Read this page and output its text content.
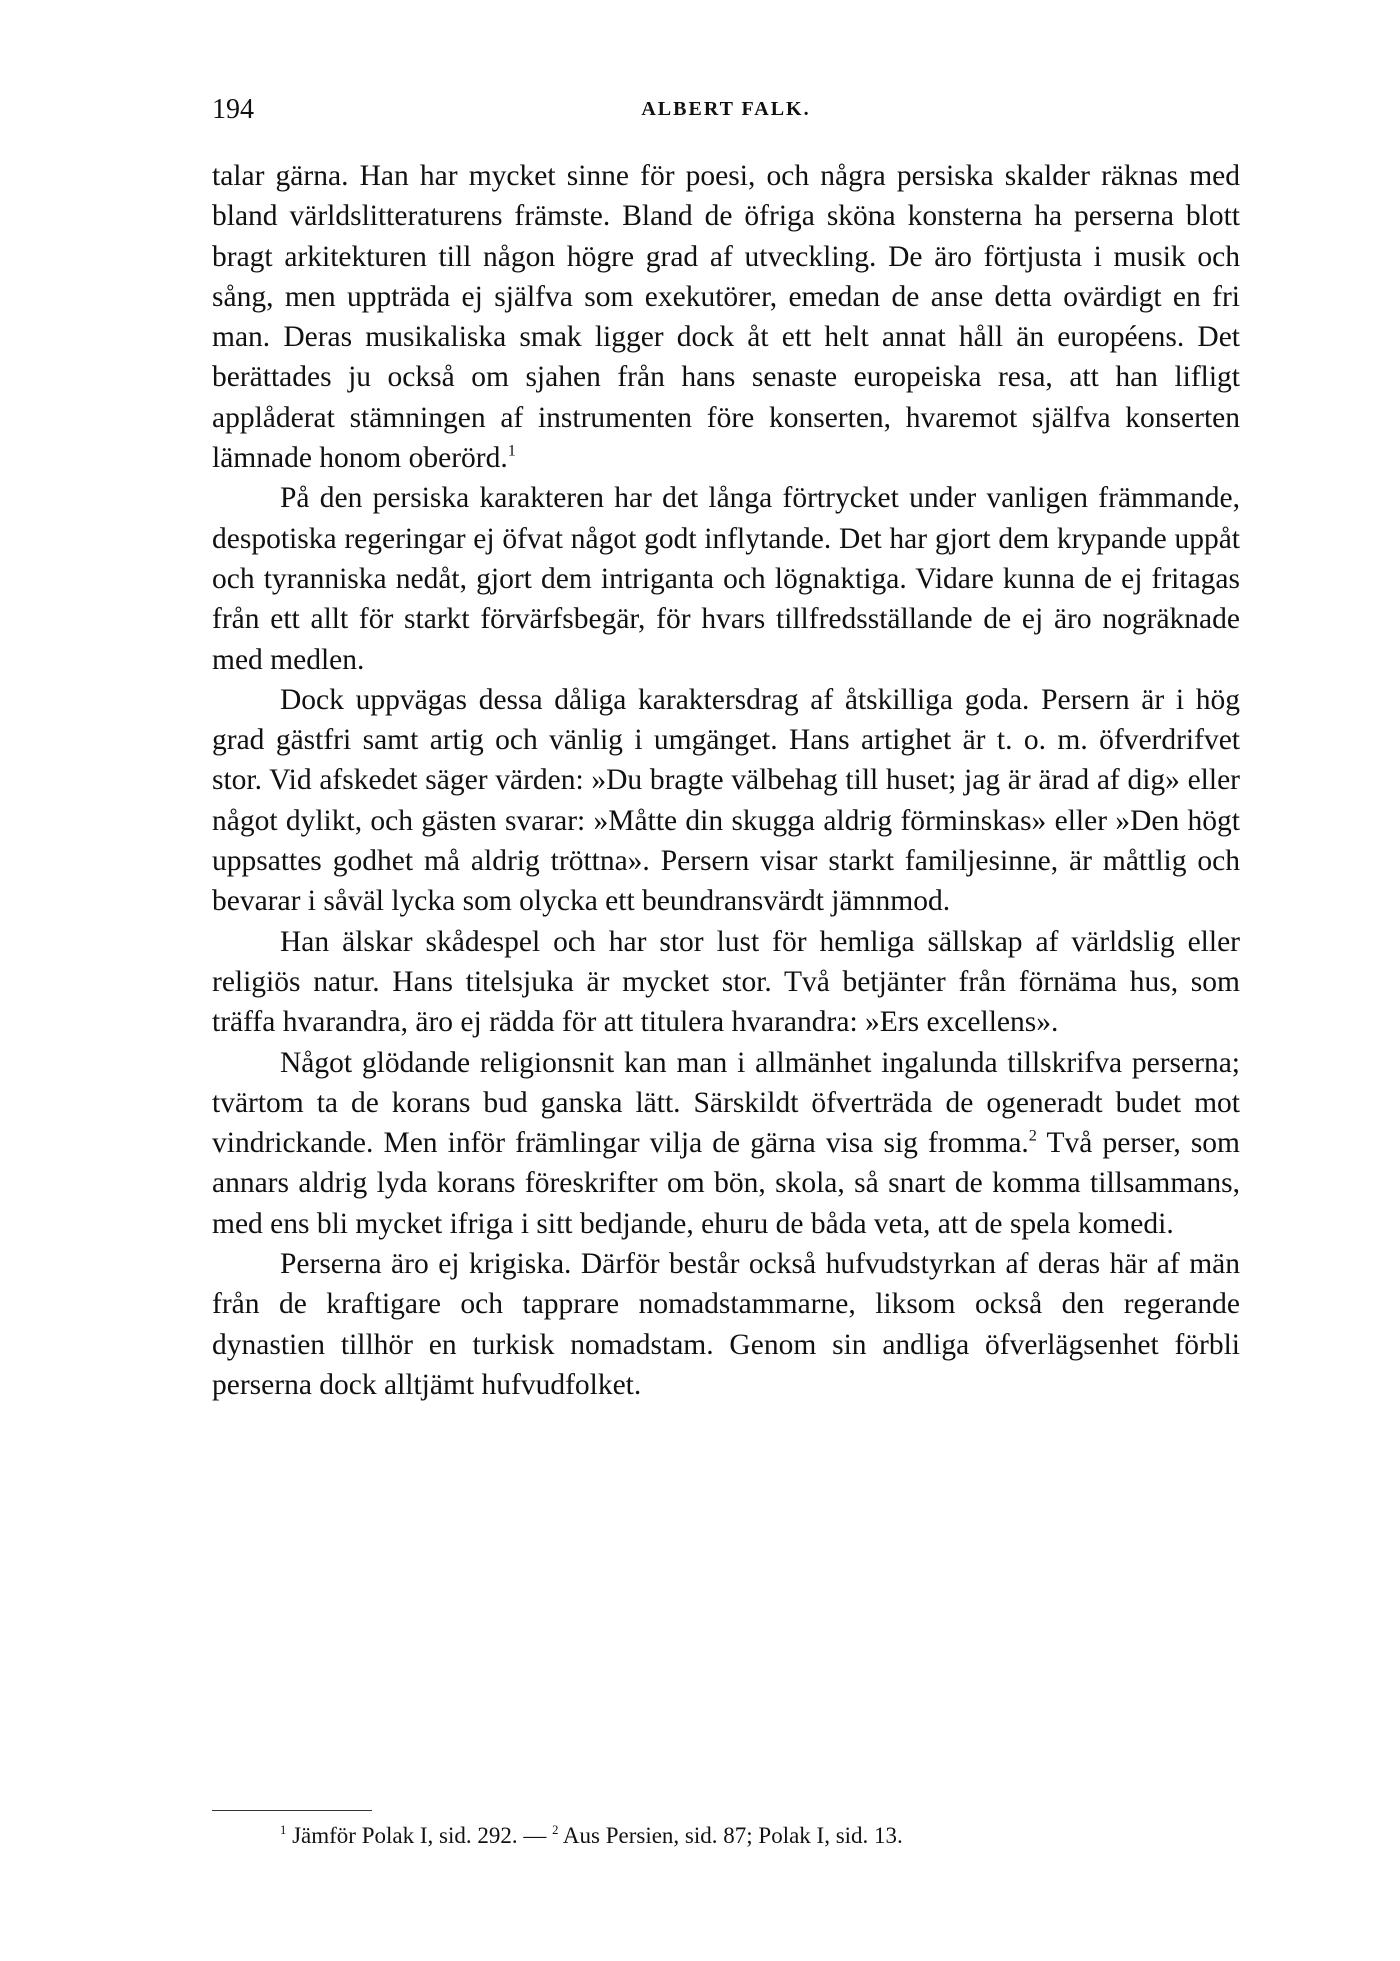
194	ALBERT FALK.

talar gärna. Han har mycket sinne för poesi, och några persiska skalder räknas med bland världslitteraturens främste. Bland de öfriga sköna konsterna ha perserna blott bragt arkitekturen till någon högre grad af utveckling. De äro förtjusta i musik och sång, men uppträda ej själfva som exekutörer, emedan de anse detta ovärdigt en fri man. Deras musikaliska smak ligger dock åt ett helt annat håll än européens. Det berättades ju också om sjahen från hans senaste europeiska resa, att han lifligt applåderat stämningen af instrumenten före konserten, hvaremot själfva konserten lämnade honom oberörd.$^1$

På den persiska karakteren har det långa förtrycket under vanligen främmande, despotiska regeringar ej öfvat något godt inflytande. Det har gjort dem krypande uppåt och tyranniska nedåt, gjort dem intriganta och lögnaktiga. Vidare kunna de ej fritagas från ett allt för starkt förvärfsbegär, för hvars tillfredsställande de ej äro nogräknade med medlen.

Dock uppvägas dessa dåliga karaktersdrag af åtskilliga goda. Persern är i hög grad gästfri samt artig och vänlig i umgänget. Hans artighet är t. o. m. öfverdrifvet stor. Vid afskedet säger värden: »Du bragte välbehag till huset; jag är ärad af dig» eller något dylikt, och gästen svarar: »Måtte din skugga aldrig förminskas» eller »Den högt uppsattes godhet må aldrig tröttna». Persern visar starkt familjesinne, är måttlig och bevarar i såväl lycka som olycka ett beundransvärdt jämnmod.

Han älskar skådespel och har stor lust för hemliga sällskap af världslig eller religiös natur. Hans titelsjuka är mycket stor. Två betjänter från förnäma hus, som träffa hvarandra, äro ej rädda för att titulera hvarandra: »Ers excellens».

Något glödande religionsnit kan man i allmänhet ingalunda tillskrifva perserna; tvärtom ta de korans bud ganska lätt. Särskildt öfverträda de ogeneradt budet mot vindrickande. Men inför främlingar vilja de gärna visa sig fromma.$^2$ Två perser, som annars aldrig lyda korans föreskrifter om bön, skola, så snart de komma tillsammans, med ens bli mycket ifriga i sitt bedjande, ehuru de båda veta, att de spela komedi.

Perserna äro ej krigiska. Därför består också hufvudstyrkan af deras här af män från de kraftigare och tapprare nomadstammarne, liksom också den regerande dynastien tillhör en turkisk nomadstam. Genom sin andliga öfverlägsenhet förbli perserna dock alltjämt hufvudfolket.

$^1$ Jämför Polak I, sid. 292. — $^2$ Aus Persien, sid. 87; Polak I, sid. 13.
